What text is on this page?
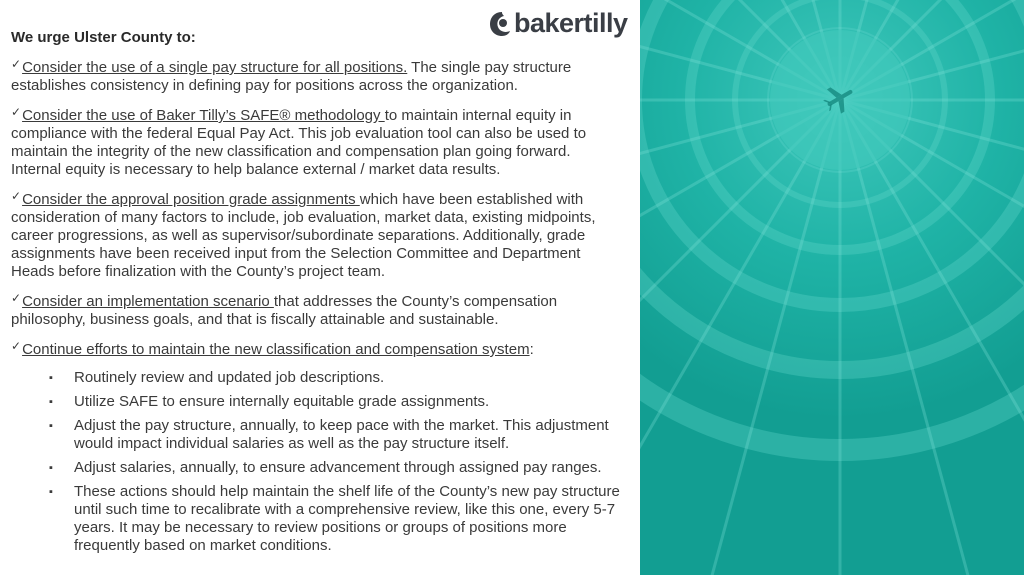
bakertilly
We urge Ulster County to:
✓Consider the use of a single pay structure for all positions. The single pay structure establishes consistency in defining pay for positions across the organization.
✓Consider the use of Baker Tilly’s SAFE® methodology to maintain internal equity in compliance with the federal Equal Pay Act. This job evaluation tool can also be used to maintain the integrity of the new classification and compensation plan going forward. Internal equity is necessary to help balance external / market data results.
✓Consider the approval position grade assignments which have been established with consideration of many factors to include, job evaluation, market data, existing midpoints, career progressions, as well as supervisor/subordinate separations. Additionally, grade assignments have been received input from the Selection Committee and Department Heads before finalization with the County’s project team.
✓Consider an implementation scenario that addresses the County’s compensation philosophy, business goals, and that is fiscally attainable and sustainable.
✓Continue efforts to maintain the new classification and compensation system:
▪ Routinely review and updated job descriptions.
▪ Utilize SAFE to ensure internally equitable grade assignments.
▪ Adjust the pay structure, annually, to keep pace with the market. This adjustment would impact individual salaries as well as the pay structure itself.
▪ Adjust salaries, annually, to ensure advancement through assigned pay ranges.
▪ These actions should help maintain the shelf life of the County’s new pay structure until such time to recalibrate with a comprehensive review, like this one, every 5-7 years. It may be necessary to review positions or groups of positions more frequently based on market conditions.
